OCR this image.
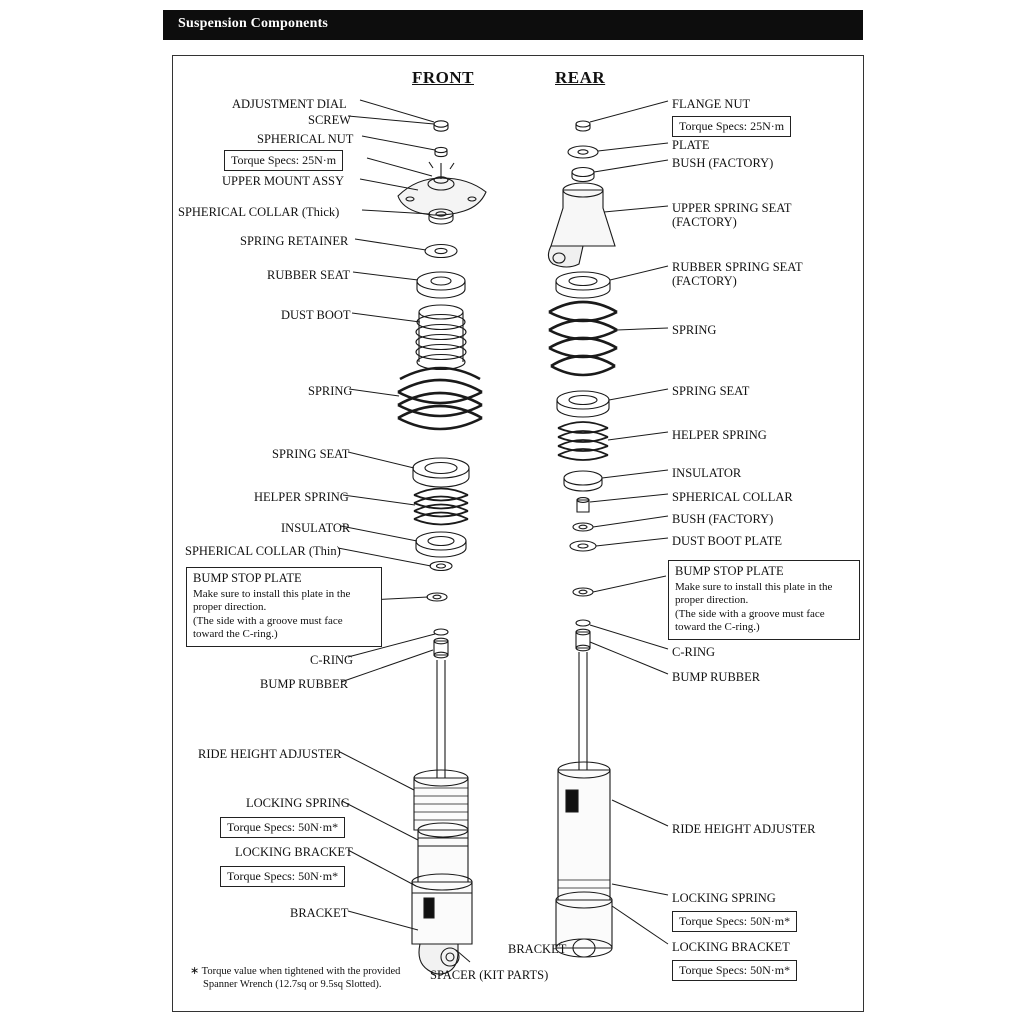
Suspension Components
FRONT	REAR
ADJUSTMENT DIAL
SCREW
SPHERICAL NUT
UPPER MOUNT ASSY
SPHERICAL COLLAR (Thick)
SPRING RETAINER
RUBBER SEAT
DUST BOOT
SPRING
SPRING SEAT
HELPER SPRING
INSULATOR
SPHERICAL COLLAR (Thin)
C-RING
BUMP RUBBER
RIDE HEIGHT ADJUSTER
LOCKING SPRING
LOCKING BRACKET
BRACKET
SPACER (KIT PARTS)
FLANGE NUT
PLATE
BUSH (FACTORY)
SPRING
SPRING SEAT
HELPER SPRING
INSULATOR
SPHERICAL COLLAR
BUSH (FACTORY)
DUST BOOT PLATE
C-RING
BUMP RUBBER
RIDE HEIGHT ADJUSTER
LOCKING SPRING
BRACKET	LOCKING BRACKET
UPPER SPRING SEAT
(FACTORY)
RUBBER SPRING SEAT
(FACTORY)
Torque Specs: 25N·m
Torque Specs: 25N·m
Torque Specs: 50N·m*
Torque Specs: 50N·m*
Torque Specs: 50N·m*
Torque Specs: 50N·m*
BUMP STOP PLATE
Make sure to install this plate in the
proper direction.
(The side with a groove must face
toward the C-ring.)
BUMP STOP PLATE
Make sure to install this plate in the
proper direction.
(The side with a groove must face
toward the C-ring.)
∗ Torque value when tightened with the provided
Spanner Wrench (12.7sq or 9.5sq Slotted).
